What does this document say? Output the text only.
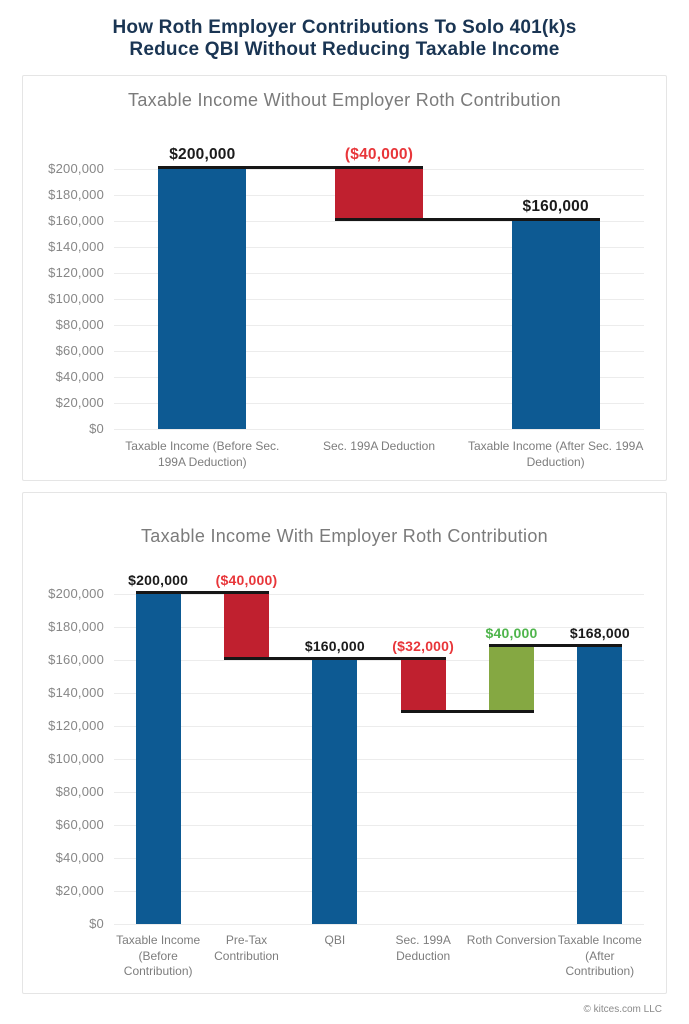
How Roth Employer Contributions To Solo 401(k)s
Reduce QBI Without Reducing Taxable Income
Taxable Income Without Employer Roth Contribution
$200,000
$180,000
$160,000
$140,000
$120,000
$100,000
$80,000
$60,000
$40,000
$20,000
$0
$200,000
Taxable Income (Before Sec. 199A Deduction)
($40,000)
Sec. 199A Deduction
$160,000
Taxable Income (After Sec. 199A Deduction)
Taxable Income With Employer Roth Contribution
$200,000
$180,000
$160,000
$140,000
$120,000
$100,000
$80,000
$60,000
$40,000
$20,000
$0
$200,000
Taxable Income (Before Contribution)
($40,000)
Pre-Tax Contribution
$160,000
QBI
($32,000)
Sec. 199A Deduction
$40,000
Roth Conversion
$168,000
Taxable Income (After Contribution)
© kitces.com LLC
